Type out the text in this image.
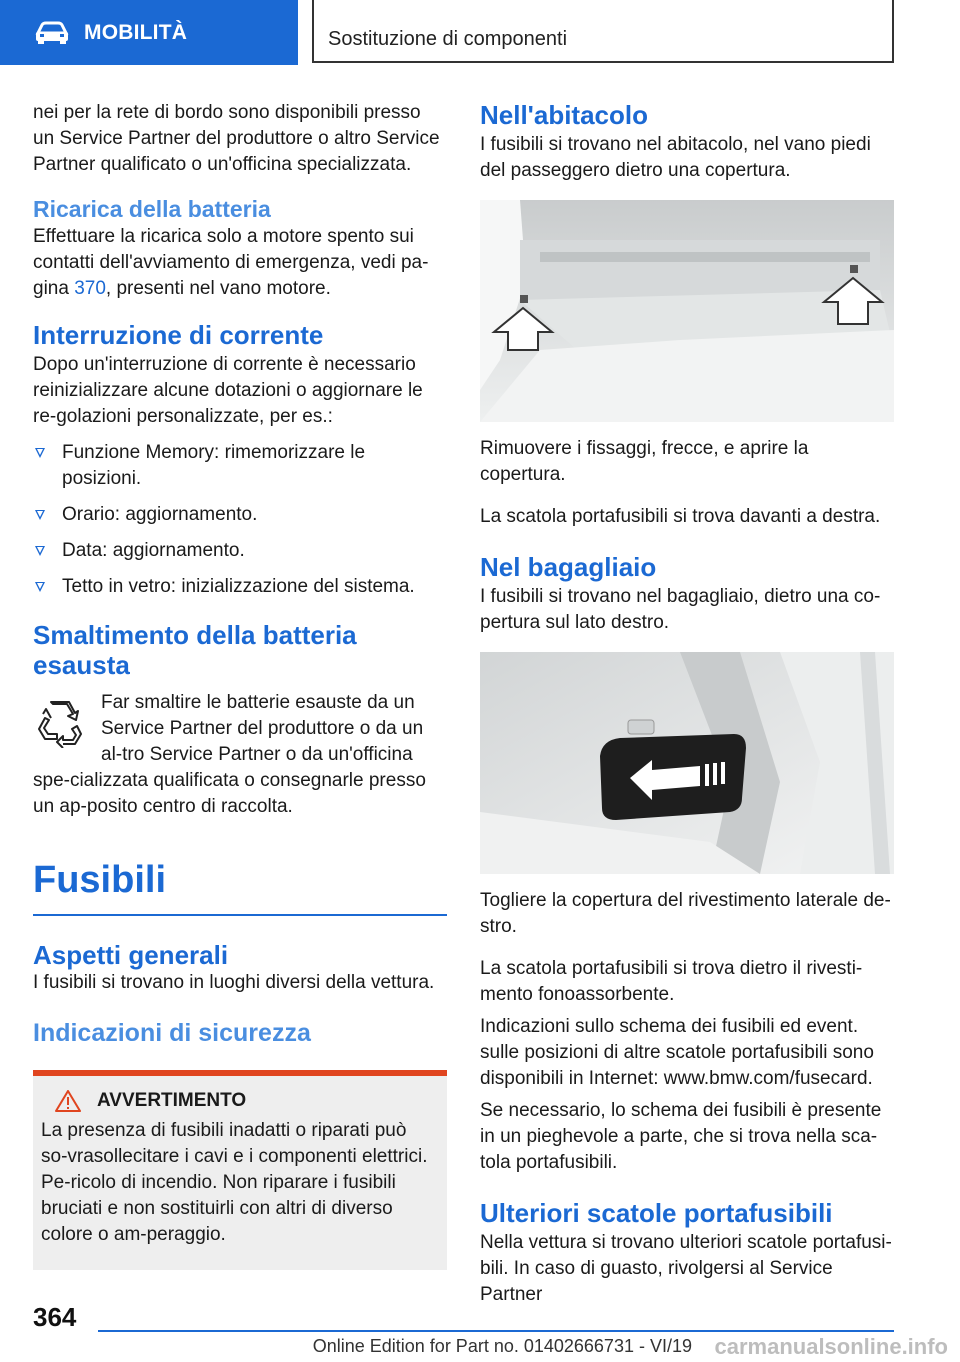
MOBILITÀ	Sostituzione di componenti

nei per la rete di bordo sono disponibili presso un Service Partner del produttore o altro Service Partner qualificato o un'officina specializzata.

Ricarica della batteria

Effettuare la ricarica solo a motore spento sui contatti dell'avviamento di emergenza, vedi pa-gina 370, presenti nel vano motore.

Interruzione di corrente

Dopo un'interruzione di corrente è necessario reinizializzare alcune dotazioni o aggiornare le re-golazioni personalizzate, per es.:

Funzione Memory: rimemorizzare le posizioni.
Orario: aggiornamento.
Data: aggiornamento.
Tetto in vetro: inizializzazione del sistema.
Smaltimento della batteria esausta

Far smaltire le batterie esauste da un Service Partner del produttore o da un al-tro Service Partner o da un'officina spe-cializzata qualificata o consegnarle presso un ap-posito centro di raccolta.

Fusibili
Aspetti generali

I fusibili si trovano in luoghi diversi della vettura.

Indicazioni di sicurezza
AVVERTIMENTO

La presenza di fusibili inadatti o riparati può so-vrasollecitare i cavi e i componenti elettrici. Pe-ricolo di incendio. Non riparare i fusibili bruciati e non sostituirli con altri di diverso colore o am-peraggio.

Nell'abitacolo

I fusibili si trovano nel abitacolo, nel vano piedi del passeggero dietro una copertura.

Rimuovere i fissaggi, frecce, e aprire la copertura.

La scatola portafusibili si trova davanti a destra.

Nel bagagliaio

I fusibili si trovano nel bagagliaio, dietro una co-pertura sul lato destro.

Togliere la copertura del rivestimento laterale de-stro.

La scatola portafusibili si trova dietro il rivesti-mento fonoassorbente.

Indicazioni sullo schema dei fusibili ed event. sulle posizioni di altre scatole portafusibili sono disponibili in Internet: www.bmw.com/fusecard.

Se necessario, lo schema dei fusibili è presente in un pieghevole a parte, che si trova nella sca-tola portafusibili.

Ulteriori scatole portafusibili

Nella vettura si trovano ulteriori scatole portafusi-bili. In caso di guasto, rivolgersi al Service Partner

364
Online Edition for Part no. 01402666731 - VI/19 carmanualsonline.info
